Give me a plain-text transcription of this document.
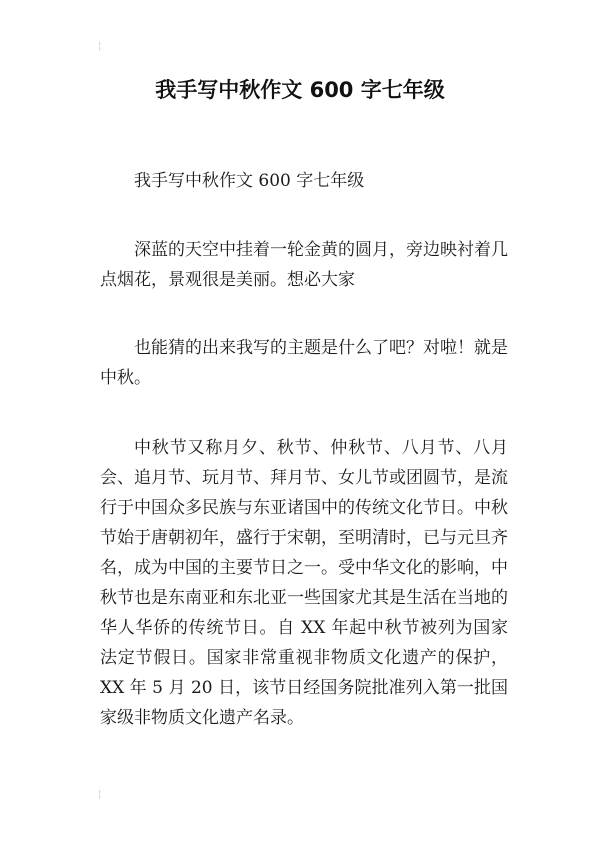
¦
¦
我手写中秋作文 600 字七年级

我手写中秋作文 600 字七年级

深蓝的天空中挂着一轮金黄的圆月，旁边映衬着几点烟花，景观很是美丽。想必大家

也能猜的出来我写的主题是什么了吧？对啦！就是中秋。

中秋节又称月夕、秋节、仲秋节、八月节、八月会、追月节、玩月节、拜月节、女儿节或团圆节，是流行于中国众多民族与东亚诸国中的传统文化节日。中秋节始于唐朝初年，盛行于宋朝，至明清时，已与元旦齐名，成为中国的主要节日之一。受中华文化的影响，中秋节也是东南亚和东北亚一些国家尤其是生活在当地的华人华侨的传统节日。自 XX 年起中秋节被列为国家法定节假日。国家非常重视非物质文化遗产的保护，XX 年 5 月 20 日，该节日经国务院批准列入第一批国家级非物质文化遗产名录。
